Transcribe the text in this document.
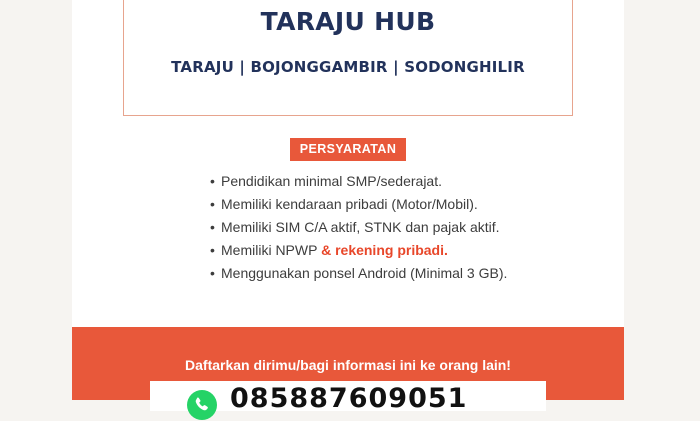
TARAJU HUB
TARAJU | BOJONGGAMBIR | SODONGHILIR
PERSYARATAN
• Pendidikan minimal SMP/sederajat.
• Memiliki kendaraan pribadi (Motor/Mobil).
• Memiliki SIM C/A aktif, STNK dan pajak aktif.
• Memiliki NPWP & rekening pribadi.
• Menggunakan ponsel Android (Minimal 3 GB).
Daftarkan dirimu/bagi informasi ini ke orang lain!
085887609051
